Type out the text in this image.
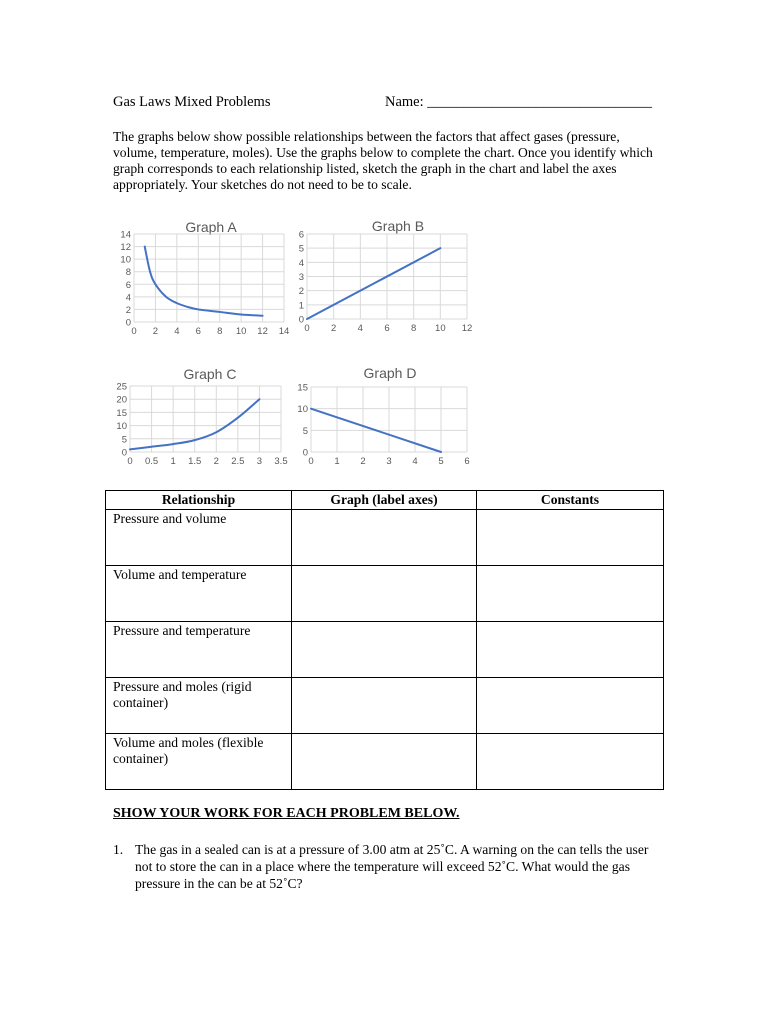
Gas Laws Mixed Problems	Name: _______________________________

The graphs below show possible relationships between the factors that affect gases (pressure, volume, temperature, moles). Use the graphs below to complete the chart. Once you identify which graph corresponds to each relationship listed, sketch the graph in the chart and label the axes appropriately. Your sketches do not need to be to scale.

Graph A
0
2
4
6
8
10
12
14
0 2 4 6 8 10 12 14
Graph B
0
1
2
3
4
5
6
0 2 4 6 8 10 12
Graph C
0
5
10
15
20
25
0 0.5 1 1.5 2 2.5 3 3.5
Graph D
0
5
10
15
0 1 2 3 4 5 6
Relationship	Graph (label axes)	Constants
Pressure and volume		
Volume and temperature		
Pressure and temperature		
Pressure and moles (rigid container)		
Volume and moles (flexible container)		
SHOW YOUR WORK FOR EACH PROBLEM BELOW.
1. The gas in a sealed can is at a pressure of 3.00 atm at 25˚C. A warning on the can tells the user not to store the can in a place where the temperature will exceed 52˚C. What would the gas pressure in the can be at 52˚C?
